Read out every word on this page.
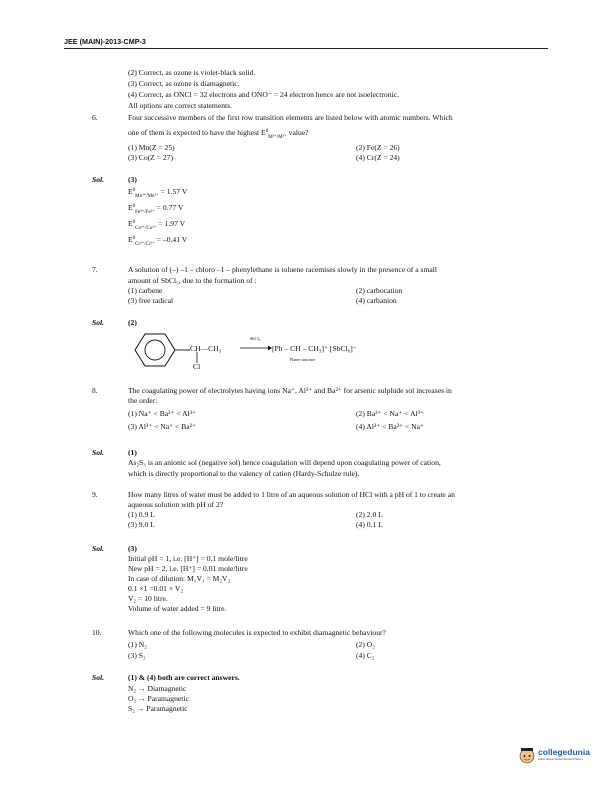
JEE (MAIN)-2013-CMP-3
(2) Correct, as ozone is violet-black solid.
(3) Correct, as ozone is diamagnetic.
(4) Correct, as ONCl = 32 electrons and ONO⁻ = 24 electron hence are not isoelectronic.
All options are correct statements.
6.	Four successive members of the first row transition elements are listed below with atomic numbers. Which
one of them is expected to have the highest $E^0_{M^{3+}/M^{2+}}$ value?
(1) Mn(Z = 25)	(2) Fe(Z = 26)
(3) Co(Z = 27)	(4) Cr(Z = 24)
Sol.	(3)
$E^0_{Mn^{3+}/Mn^{2+}} = 1.57$ V
$E^0_{Fe^{3+}/Fe^{2+}} = 0.77$ V
$E^0_{Co^{3+}/Co^{2+}} = 1.97$ V
$E^0_{Cr^{3+}/Cr^{2+}} = -0.41$ V
7.	A solution of (–) –1 – chloro –1 – phenylethane is toluene racemises slowly in the presence of a small
amount of SbCl₅, due to the formation of :
(1) carbene	(2) carbocation
(3) free radical	(4) carbanion
Sol.	(2)
CH—CH₃
Cl
SbCl₅
→ [Ph – CH – CH₃]⁺ [SbCl₆]⁻
Planer structure
8.	The coagulating power of electrolytes having ions Na⁺, Al³⁺ and Ba²⁺ for arsenic sulphide sol increases in
the order:
(1) Na⁺ < Ba²⁺ < Al³⁺	(2) Ba²⁺ < Na⁺ < Al³⁺
(3) Al³⁺ < Na⁺ < Ba²⁺	(4) Al³⁺ < Ba²⁺ < Na⁺
Sol.	(1)
As₂S₃ is an anionic sol (negative sol) hence coagulation will depend upon coagulating power of cation,
which is directly proportional to the valency of cation (Hardy-Schulze rule).
9.	How many litres of water must be added to 1 litre of an aqueous solution of HCl with a pH of 1 to create an
aqueous solution with pH of 2?
(1) 0.9 L	(2) 2.0 L
(3) 9.0 L	(4) 0.1 L
Sol.	(3)
Initial pH = 1, i.e. [H⁺] = 0.1 mole/litre
New pH = 2, i.e. [H⁺] = 0.01 mole/litre
In case of dilution: M₁V₁ = M₂V₂
0.1 ×1 =0.01 × V₂
V₂ = 10 litre.
Volume of water added = 9 litre.
10.	Which one of the following molecules is expected to exhibit diamagnetic behaviour?
(1) N₂	(2) O₂
(3) S₂	(4) C₂
Sol.	(1) & (4) both are correct answers.
N₂ → Diamagnetic
O₂ → Paramagnetic
S₂ → Paramagnetic
collegedunia
India's largest Student Review Platform
